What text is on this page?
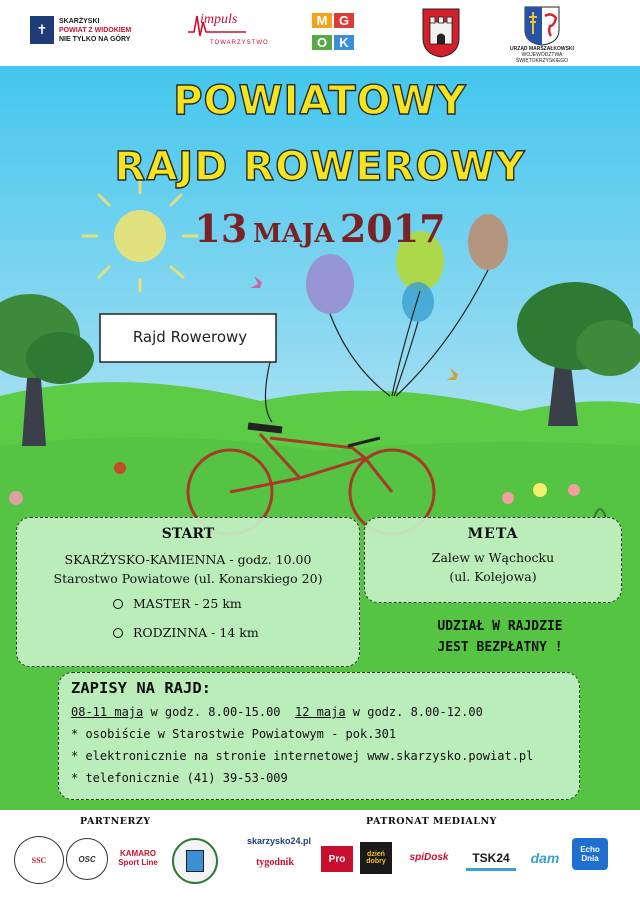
✝
SKARŻYSKI
POWIAT Z WIDOKIEM
NIE TYLKO NA GÓRY
impuls
TOWARZYSTWO
M G
O K	URZĄD MARSZAŁKOWSKI
WOJEWÓDZTWA ŚWIĘTOKRZYSKIEGO
POWIATOWY
RAJD ROWEROWY
13 MAJA 2017
Rajd Rowerowy
START
SKARŻYSKO-KAMIENNA - godz. 10.00
Starostwo Powiatowe (ul. Konarskiego 20)
MASTER - 25 km
RODZINNA - 14 km
META
Zalew w Wąchocku
(ul. Kolejowa)
UDZIAŁ W RAJDZIE
JEST BEZPŁATNY !
ZAPISY NA RAJD:
08-11 maja w godz. 8.00-15.00  12 maja w godz. 8.00-12.00
* osobiście w Starostwie Powiatowym - pok.301
* elektronicznie na stronie internetowej www.skarzysko.powiat.pl
* telefonicznie (41) 39-53-009
PARTNERZY	PATRONAT MEDIALNY
SSC	OSC
KAMARO Sport Line
skarzysko24.pl
tygodnik	Pro	dzień dobry	spiDosk	TSK24	dam
Echo Dnia
